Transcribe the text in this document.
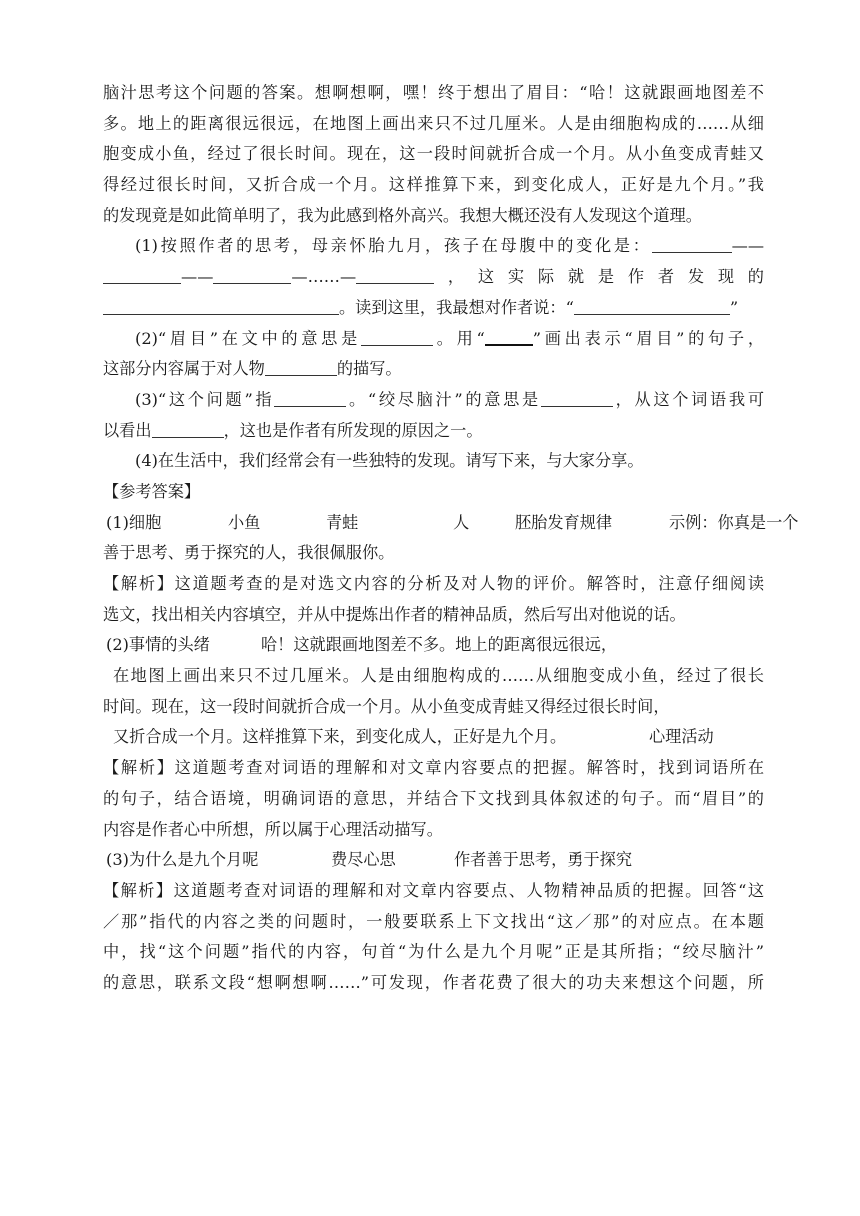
脑汁思考这个问题的答案。想啊想啊，嘿！终于想出了眉目：“哈！这就跟画地图差不
多。地上的距离很远很远，在地图上画出来只不过几厘米。人是由细胞构成的……从细
胞变成小鱼，经过了很长时间。现在，这一段时间就折合成一个月。从小鱼变成青蛙又
得经过很长时间，又折合成一个月。这样推算下来，到变化成人，正好是九个月。”我
的发现竟是如此简单明了，我为此感到格外高兴。我想大概还没有人发现这个道理。
(1)按照作者的思考，母亲怀胎九月，孩子在母腹中的变化是：	——
——	—……—	，这实际就是作者发现的
。读到这里，我最想对作者说：“	”
(2)“眉目”在文中的意思是	。用“	”画出表示“眉目”的句子，
这部分内容属于对人物	的描写。
(3)“这个问题”指	。“绞尽脑汁”的意思是	，从这个词语我可
以看出	，这也是作者有所发现的原因之一。
(4)在生活中，我们经常会有一些独特的发现。请写下来，与大家分享。
【参考答案】
(1)细胞	小鱼	青蛙	人	胚胎发育规律	示例：你真是一个
善于思考、勇于探究的人，我很佩服你。
【解析】这道题考查的是对选文内容的分析及对人物的评价。解答时，注意仔细阅读
选文，找出相关内容填空，并从中提炼出作者的精神品质，然后写出对他说的话。
(2)事情的头绪	哈！这就跟画地图差不多。地上的距离很远很远，
在地图上画出来只不过几厘米。人是由细胞构成的……从细胞变成小鱼，经过了很长
时间。现在，这一段时间就折合成一个月。从小鱼变成青蛙又得经过很长时间，
又折合成一个月。这样推算下来，到变化成人，正好是九个月。	心理活动
【解析】这道题考查对词语的理解和对文章内容要点的把握。解答时，找到词语所在
的句子，结合语境，明确词语的意思，并结合下文找到具体叙述的句子。而“眉目”的
内容是作者心中所想，所以属于心理活动描写。
(3)为什么是九个月呢	费尽心思	作者善于思考，勇于探究
【解析】这道题考查对词语的理解和对文章内容要点、人物精神品质的把握。回答“这
／那”指代的内容之类的问题时，一般要联系上下文找出“这／那”的对应点。在本题
中，找“这个问题”指代的内容，句首“为什么是九个月呢”正是其所指；“绞尽脑汁”
的意思，联系文段“想啊想啊……”可发现，作者花费了很大的功夫来想这个问题，所
